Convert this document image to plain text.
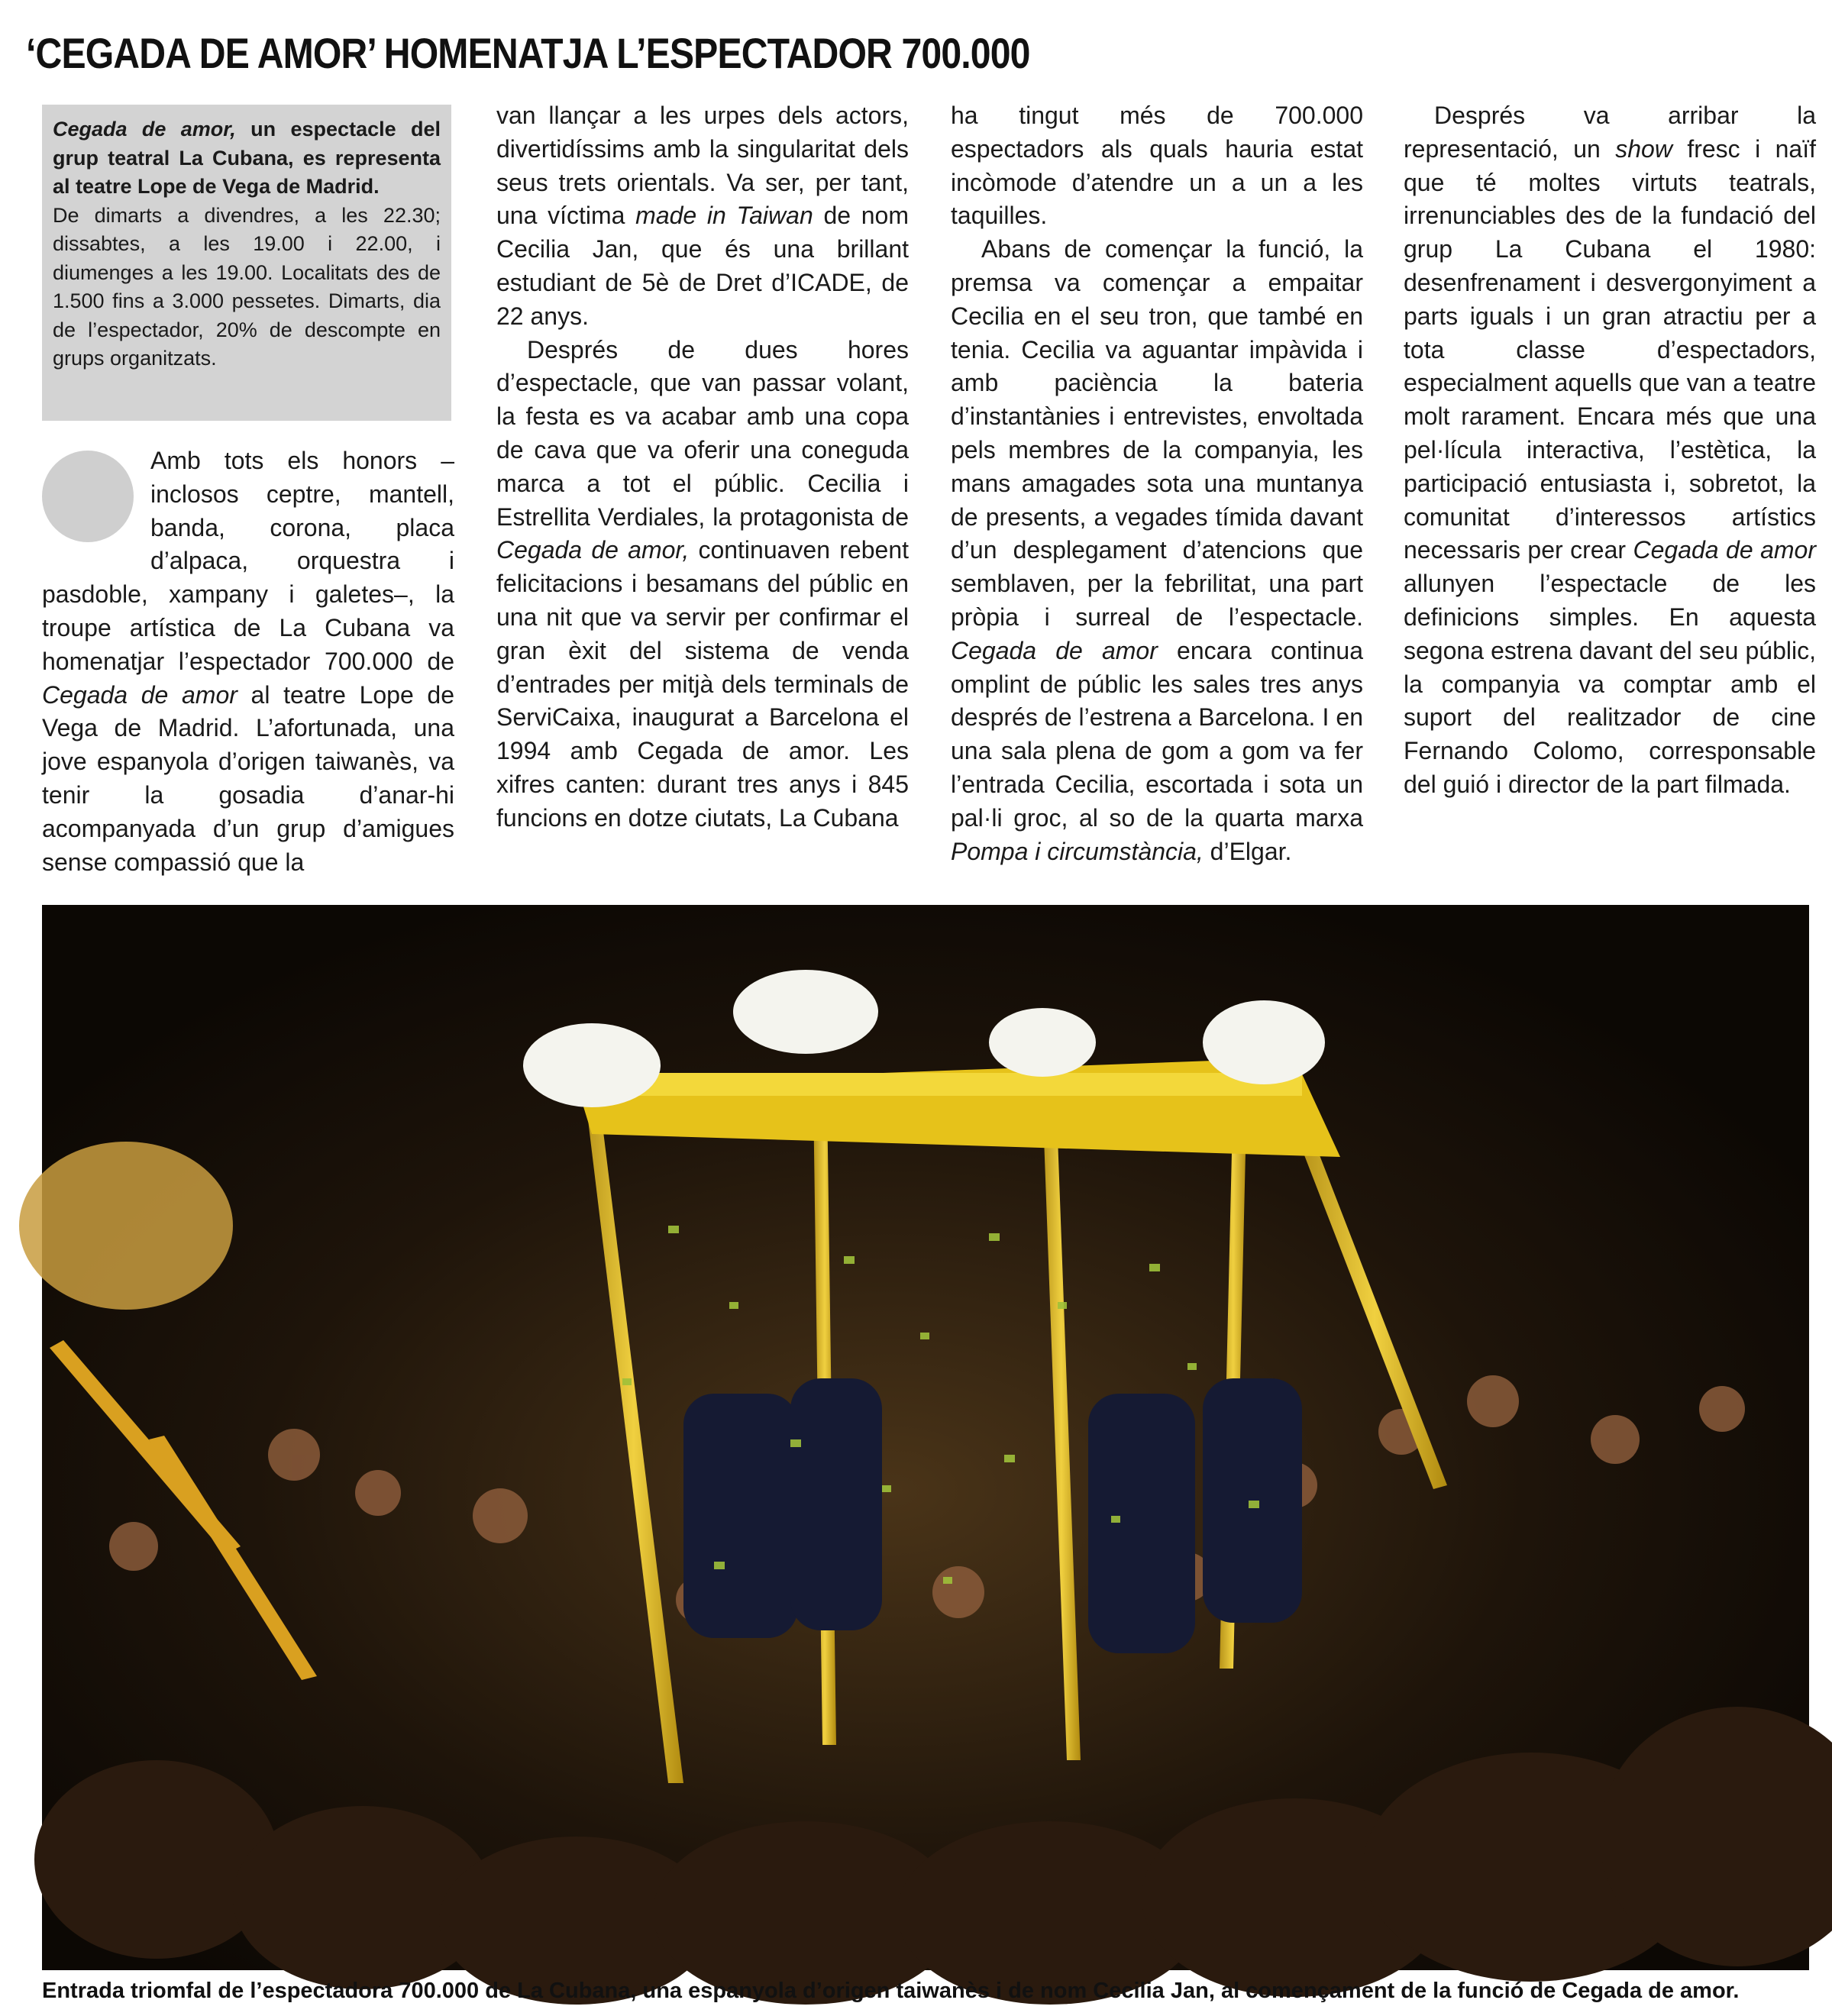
‘CEGADA DE AMOR’ HOMENATJA L’ESPECTADOR 700.000
Cegada de amor, un espectacle del grup teatral La Cubana, es representa al teatre Lope de Vega de Madrid.

De dimarts a divendres, a les 22.30; dissabtes, a les 19.00 i 22.00, i diumenges a les 19.00. Localitats des de 1.500 fins a 3.000 pessetes. Dimarts, dia de l’espectador, 20% de descompte en grups organitzats.

Amb tots els honors –inclosos ceptre, mantell, banda, corona, placa d’alpaca, orquestra i pasdoble, xampany i galetes–, la troupe artística de La Cubana va homenatjar l’espectador 700.000 de Cegada de amor al teatre Lope de Vega de Madrid. L’afortunada, una jove espanyola d’origen taiwanès, va tenir la gosadia d’anar-hi acompanyada d’un grup d’amigues sense compassió que la

van llançar a les urpes dels actors, divertidíssims amb la singularitat dels seus trets orientals. Va ser, per tant, una víctima made in Taiwan de nom Cecilia Jan, que és una brillant estudiant de 5è de Dret d’ICADE, de 22 anys.

Després de dues hores d’espectacle, que van passar volant, la festa es va acabar amb una copa de cava que va oferir una coneguda marca a tot el públic. Cecilia i Estrellita Verdiales, la protagonista de Cegada de amor, continuaven rebent felicitacions i besamans del públic en una nit que va servir per confirmar el gran èxit del sistema de venda d’entrades per mitjà dels terminals de ServiCaixa, inaugurat a Barcelona el 1994 amb Cegada de amor. Les xifres canten: durant tres anys i 845 funcions en dotze ciutats, La Cubana

ha tingut més de 700.000 espectadors als quals hauria estat incòmode d’atendre un a un a les taquilles.

Abans de començar la funció, la premsa va començar a empaitar Cecilia en el seu tron, que també en tenia. Cecilia va aguantar impàvida i amb paciència la bateria d’instantànies i entrevistes, envoltada pels membres de la companyia, les mans amagades sota una muntanya de presents, a vegades tímida davant d’un desplegament d’atencions que semblaven, per la febrilitat, una part pròpia i surreal de l’espectacle. Cegada de amor encara continua omplint de públic les sales tres anys després de l’estrena a Barcelona. I en una sala plena de gom a gom va fer l’entrada Cecilia, escortada i sota un pal·li groc, al so de la quarta marxa Pompa i circumstància, d’Elgar.

Després va arribar la representació, un show fresc i naïf que té moltes virtuts teatrals, irrenunciables des de la fundació del grup La Cubana el 1980: desenfrenament i desvergonyiment a parts iguals i un gran atractiu per a tota classe d’espectadors, especialment aquells que van a teatre molt rarament. Encara més que una pel·lícula interactiva, l’estètica, la participació entusiasta i, sobretot, la comunitat d’interessos artístics necessaris per crear Cegada de amor allunyen l’espectacle de les definicions simples. En aquesta segona estrena davant del seu públic, la companyia va comptar amb el suport del realitzador de cine Fernando Colomo, corresponsable del guió i director de la part filmada.

Entrada triomfal de l’espectadora 700.000 de La Cubana, una espanyola d’origen taiwanès i de nom Cecilia Jan, al començament de la funció de Cegada de amor.
